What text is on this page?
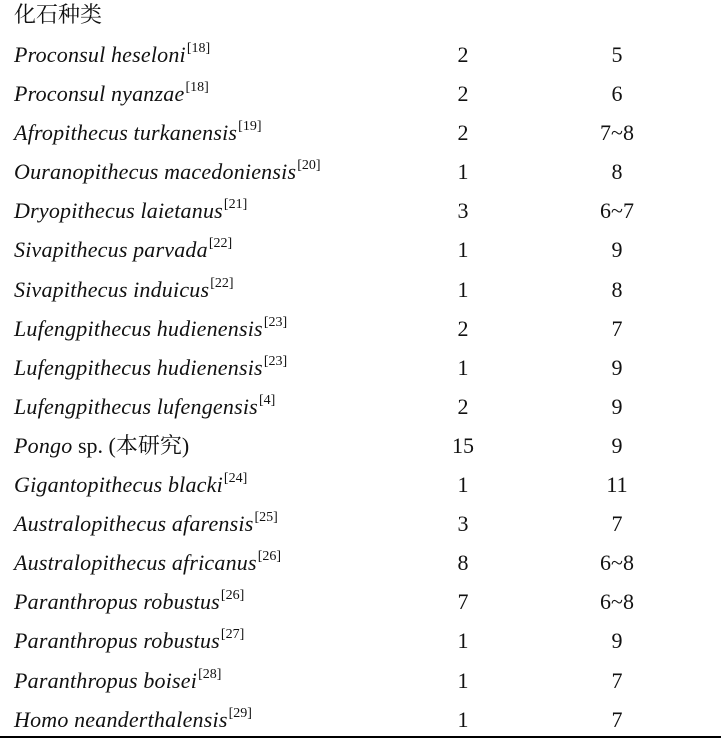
化石种类
Proconsul heseloni[18]	2	5
Proconsul nyanzae[18]	2	6
Afropithecus turkanensis[19]	2	7~8
Ouranopithecus macedoniensis[20]	1	8
Dryopithecus laietanus[21]	3	6~7
Sivapithecus parvada[22]	1	9
Sivapithecus induicus[22]	1	8
Lufengpithecus hudienensis[23]	2	7
Lufengpithecus hudienensis[23]	1	9
Lufengpithecus lufengensis[4]	2	9
Pongo sp. (本研究)	15	9
Gigantopithecus blacki[24]	1	11
Australopithecus afarensis[25]	3	7
Australopithecus africanus[26]	8	6~8
Paranthropus robustus[26]	7	6~8
Paranthropus robustus[27]	1	9
Paranthropus boisei[28]	1	7
Homo neanderthalensis[29]	1	7
